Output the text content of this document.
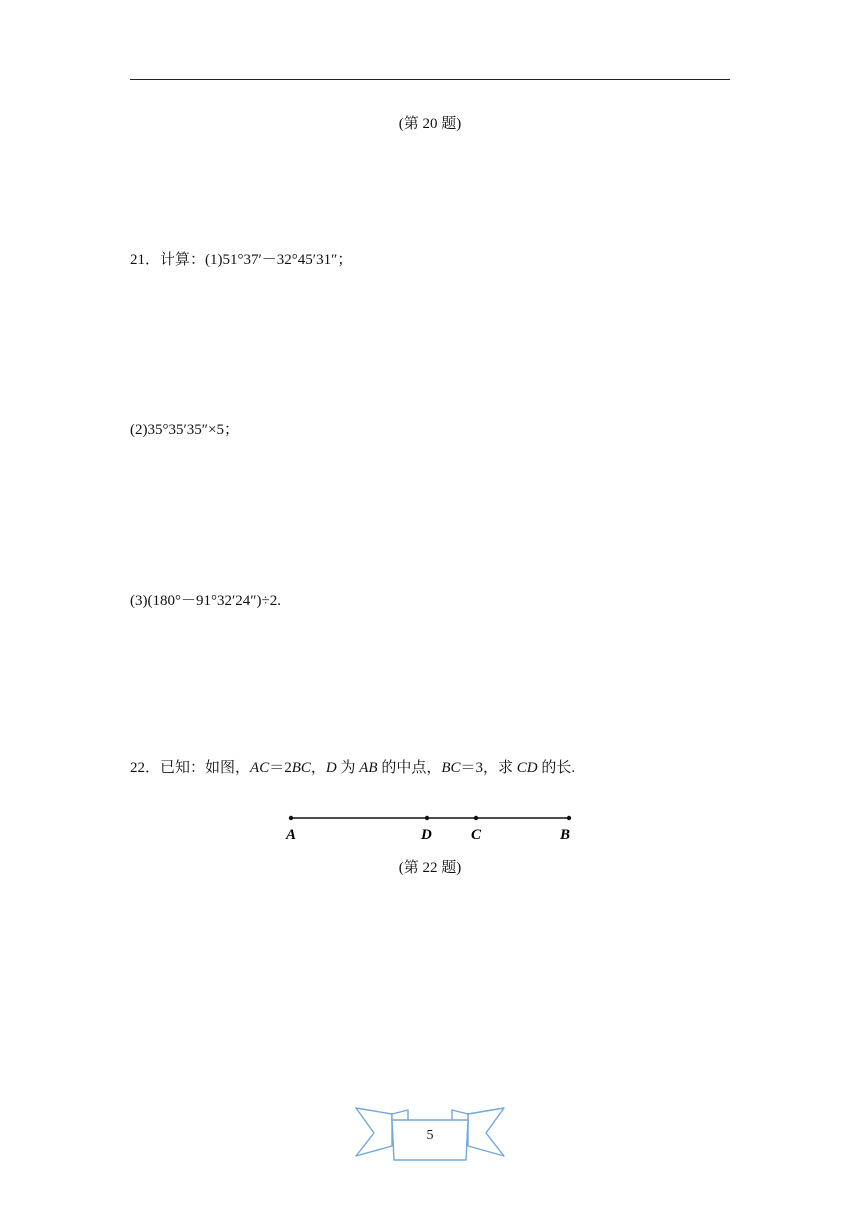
(第 20 题)
21．计算：(1)51°37′－32°45′31″；
(2)35°35′35″×5；
(3)(180°－91°32′24″)÷2.
22．已知：如图，AC＝2BC，D 为 AB 的中点，BC＝3，求 CD 的长.
A	D	C	B
(第 22 题)
5
